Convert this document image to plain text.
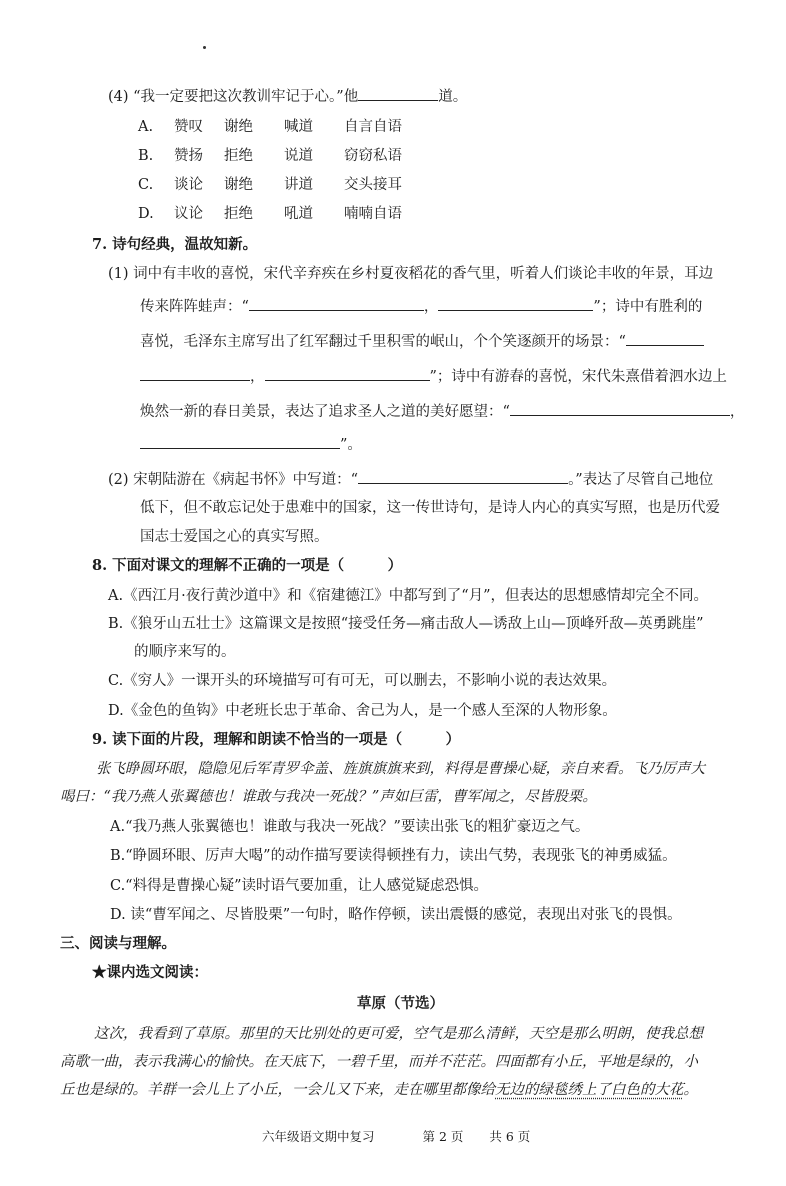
(4) “我一定要把这次教训牢记于心。”他	道。
A. 赞叹 谢绝 喊道 自言自语
B. 赞扬 拒绝 说道 窃窃私语
C. 谈论 谢绝 讲道 交头接耳
D. 议论 拒绝 吼道 喃喃自语
7. 诗句经典，温故知新。
(1) 词中有丰收的喜悦，宋代辛弃疾在乡村夏夜稻花的香气里，听着人们谈论丰收的年景，耳边
传来阵阵蛙声：“	，	”；诗中有胜利的
喜悦，毛泽东主席写出了红军翻过千里积雪的岷山，个个笑逐颜开的场景：“
，	”；诗中有游春的喜悦，宋代朱熹借着泗水边上
焕然一新的春日美景，表达了追求圣人之道的美好愿望：“	，
”。
(2) 宋朝陆游在《病起书怀》中写道：“	。”表达了尽管自己地位
低下，但不敢忘记处于患难中的国家，这一传世诗句，是诗人内心的真实写照，也是历代爱
国志士爱国之心的真实写照。
8. 下面对课文的理解不正确的一项是（　　　）
A.《西江月·夜行黄沙道中》和《宿建德江》中都写到了“月”，但表达的思想感情却完全不同。
B.《狼牙山五壮士》这篇课文是按照“接受任务—痛击敌人—诱敌上山—顶峰歼敌—英勇跳崖”
的顺序来写的。
C.《穷人》一课开头的环境描写可有可无，可以删去，不影响小说的表达效果。
D.《金色的鱼钩》中老班长忠于革命、舍己为人，是一个感人至深的人物形象。
9. 读下面的片段，理解和朗读不恰当的一项是（　　　）
张飞睁圆环眼，隐隐见后军青罗伞盖、旌旗旗旗来到，料得是曹操心疑，亲自来看。飞乃厉声大
喝曰：“我乃燕人张翼德也！谁敢与我决一死战？”声如巨雷，曹军闻之，尽皆股栗。
A.“我乃燕人张翼德也！谁敢与我决一死战？”要读出张飞的粗犷豪迈之气。
B.“睁圆环眼、厉声大喝”的动作描写要读得顿挫有力，读出气势，表现张飞的神勇威猛。
C.“料得是曹操心疑”读时语气要加重，让人感觉疑虑恐惧。
D. 读“曹军闻之、尽皆股栗”一句时，略作停顿，读出震慑的感觉，表现出对张飞的畏惧。
三、阅读与理解。
★课内选文阅读：
草原（节选）
这次，我看到了草原。那里的天比别处的更可爱，空气是那么清鲜，天空是那么明朗，使我总想
高歌一曲，表示我满心的愉快。在天底下，一碧千里，而并不茫茫。四面都有小丘，平地是绿的，小
丘也是绿的。羊群一会儿上了小丘，一会儿又下来，走在哪里都像给无边的绿毯绣上了白色的大花。
六年级语文期中复习	第 2 页 共 6 页
